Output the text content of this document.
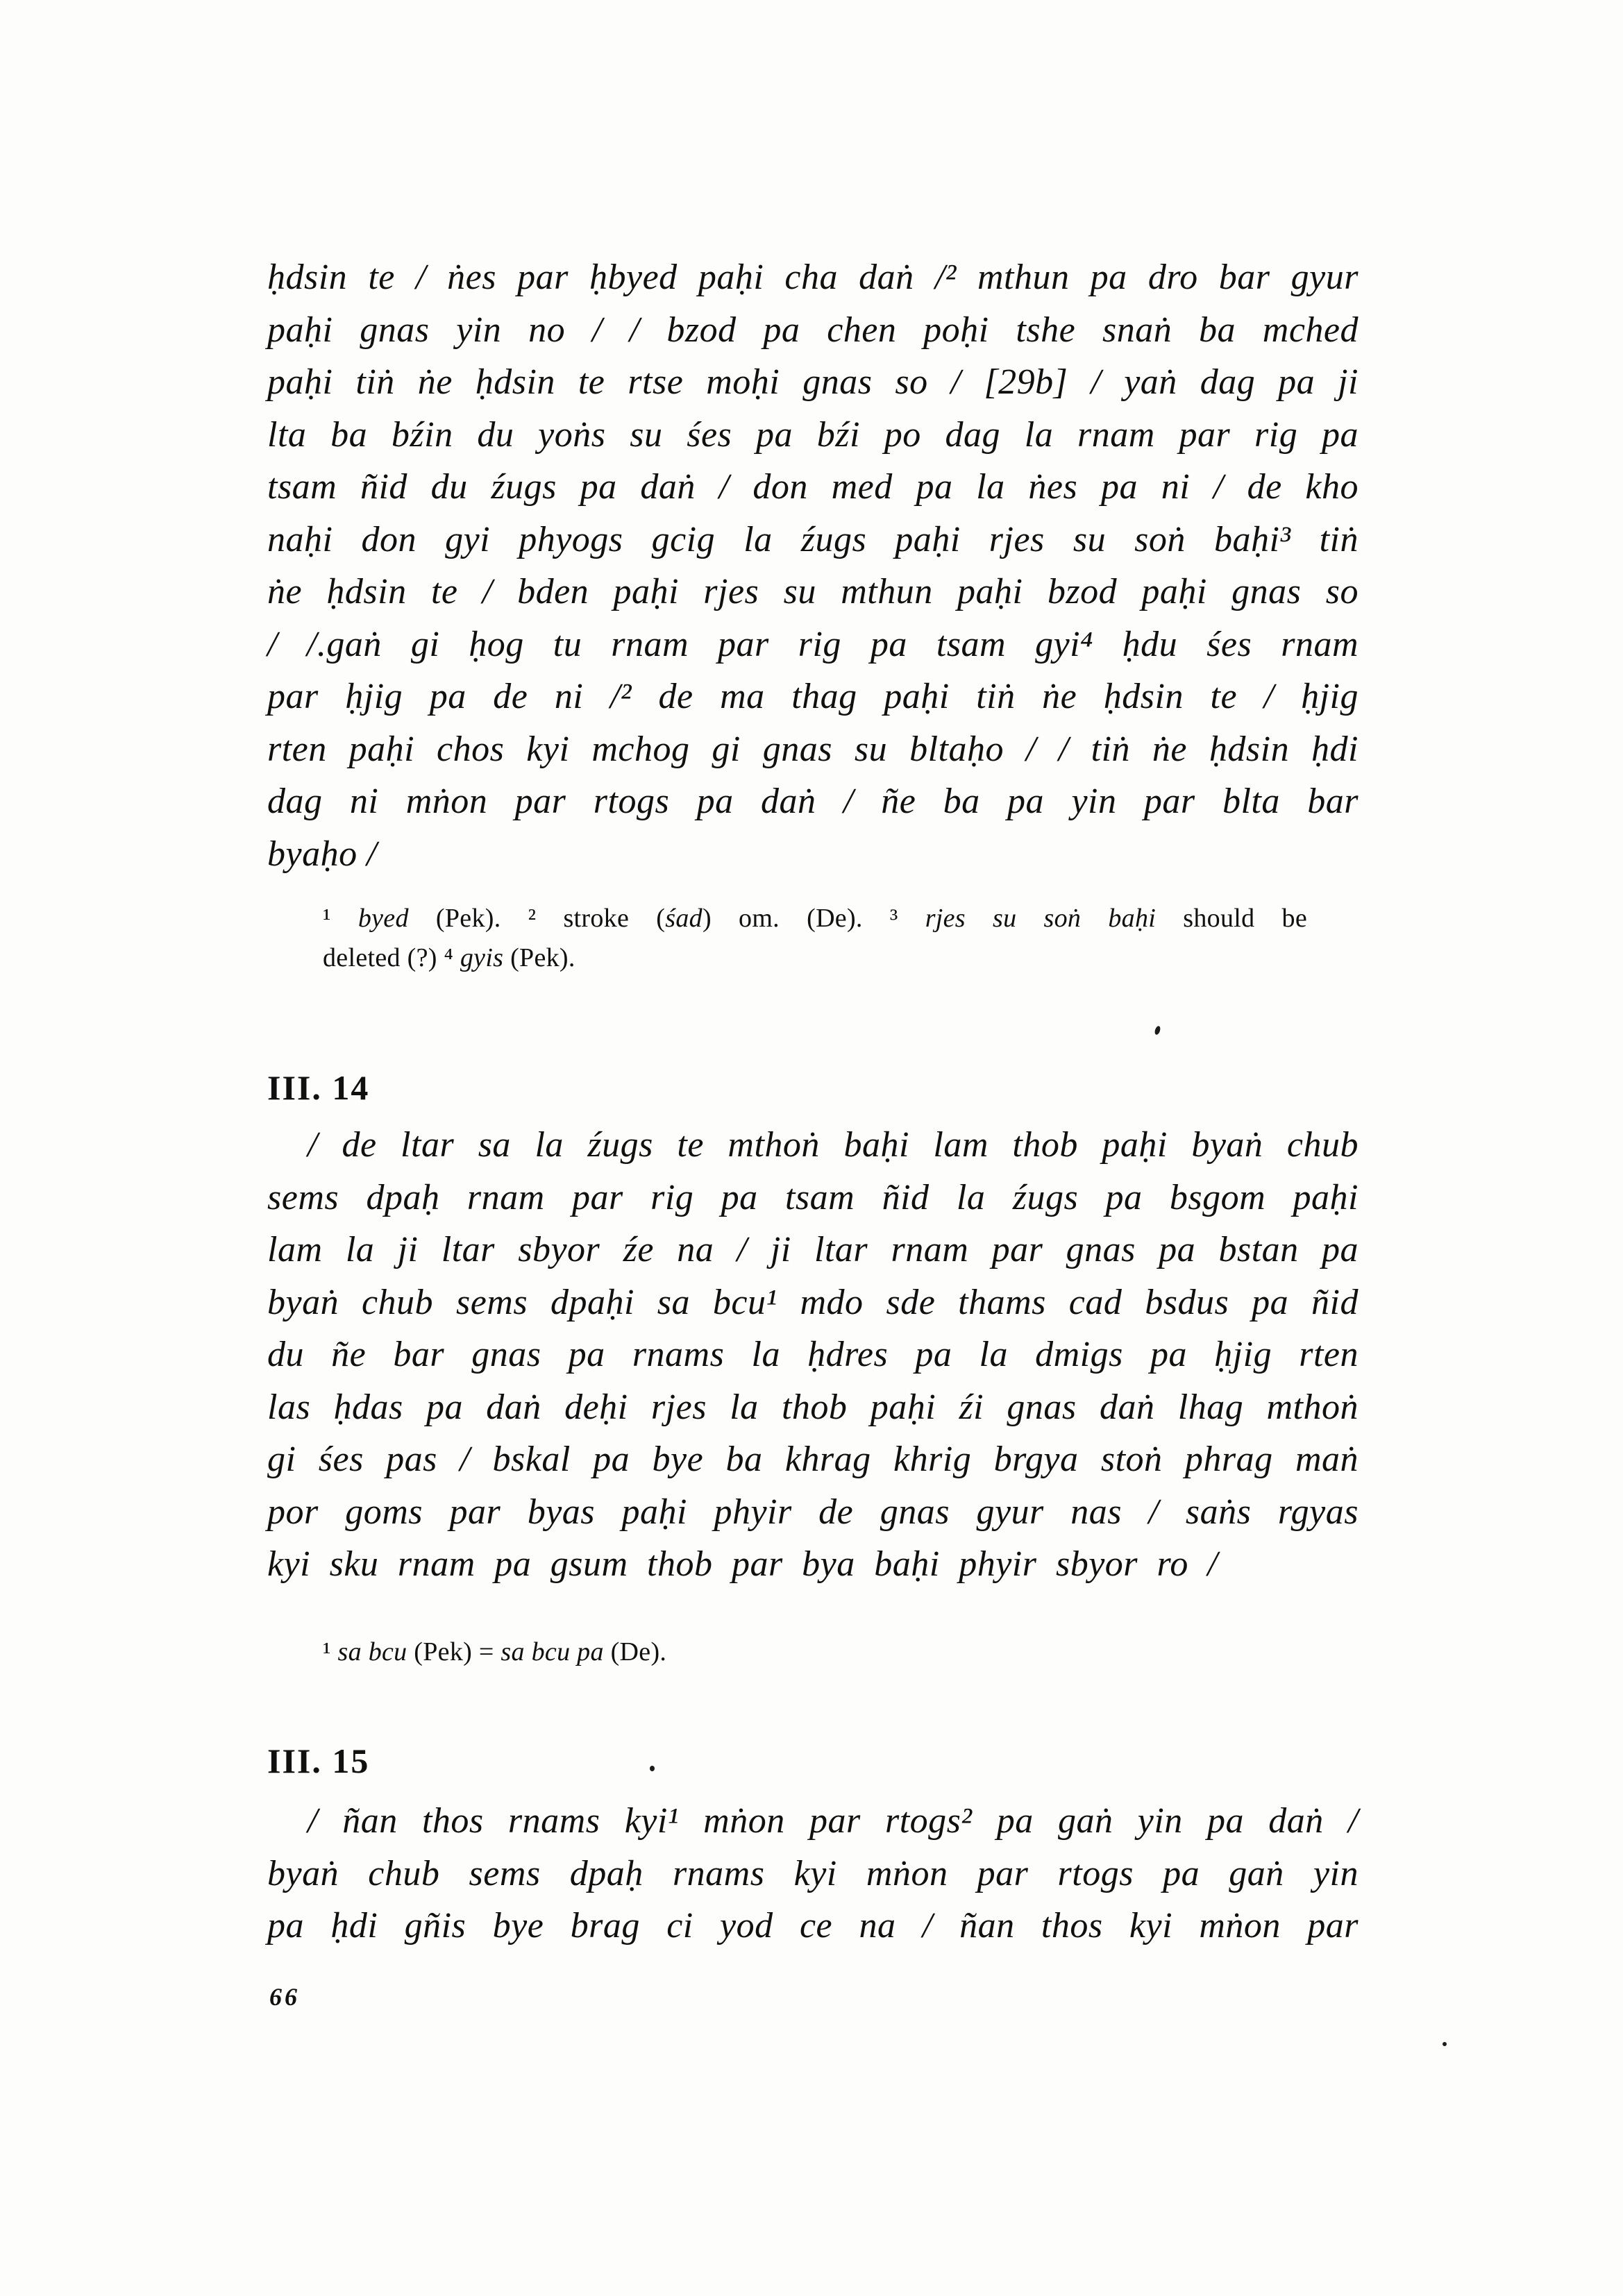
ḥdsin te / ṅes par ḥbyed paḥi cha daṅ /² mthun pa dro bar gyur
paḥi gnas yin no / / bzod pa chen poḥi tshe snaṅ ba mched
paḥi tiṅ ṅe ḥdsin te rtse moḥi gnas so / [29b] / yaṅ dag pa ji
lta ba bźin du yoṅs su śes pa bźi po dag la rnam par rig pa
tsam ñid du źugs pa daṅ / don med pa la ṅes pa ni / de kho
naḥi don gyi phyogs gcig la źugs paḥi rjes su soṅ baḥi³ tiṅ
ṅe ḥdsin te / bden paḥi rjes su mthun paḥi bzod paḥi gnas so
/ /.gaṅ gi ḥog tu rnam par rig pa tsam gyi⁴ ḥdu śes rnam
par ḥjig pa de ni /² de ma thag paḥi tiṅ ṅe ḥdsin te / ḥjig
rten paḥi chos kyi mchog gi gnas su bltaḥo / / tiṅ ṅe ḥdsin ḥdi
dag ni mṅon par rtogs pa daṅ / ñe ba pa yin par blta bar
byaḥo /
¹ byed (Pek). ² stroke (śad) om. (De). ³ rjes su soṅ baḥi should be
deleted (?) ⁴ gyis (Pek).
III. 14
/ de ltar sa la źugs te mthoṅ baḥi lam thob paḥi byaṅ chub
sems dpaḥ rnam par rig pa tsam ñid la źugs pa bsgom paḥi
lam la ji ltar sbyor źe na / ji ltar rnam par gnas pa bstan pa
byaṅ chub sems dpaḥi sa bcu¹ mdo sde thams cad bsdus pa ñid
du ñe bar gnas pa rnams la ḥdres pa la dmigs pa ḥjig rten
las ḥdas pa daṅ deḥi rjes la thob paḥi źi gnas daṅ lhag mthoṅ
gi śes pas / bskal pa bye ba khrag khrig brgya stoṅ phrag maṅ
por goms par byas paḥi phyir de gnas gyur nas / saṅs rgyas
kyi sku rnam pa gsum thob par bya baḥi phyir sbyor ro /
¹ sa bcu (Pek) = sa bcu pa (De).
III. 15
/ ñan thos rnams kyi¹ mṅon par rtogs² pa gaṅ yin pa daṅ /
byaṅ chub sems dpaḥ rnams kyi mṅon par rtogs pa gaṅ yin
pa ḥdi gñis bye brag ci yod ce na / ñan thos kyi mṅon par
66
